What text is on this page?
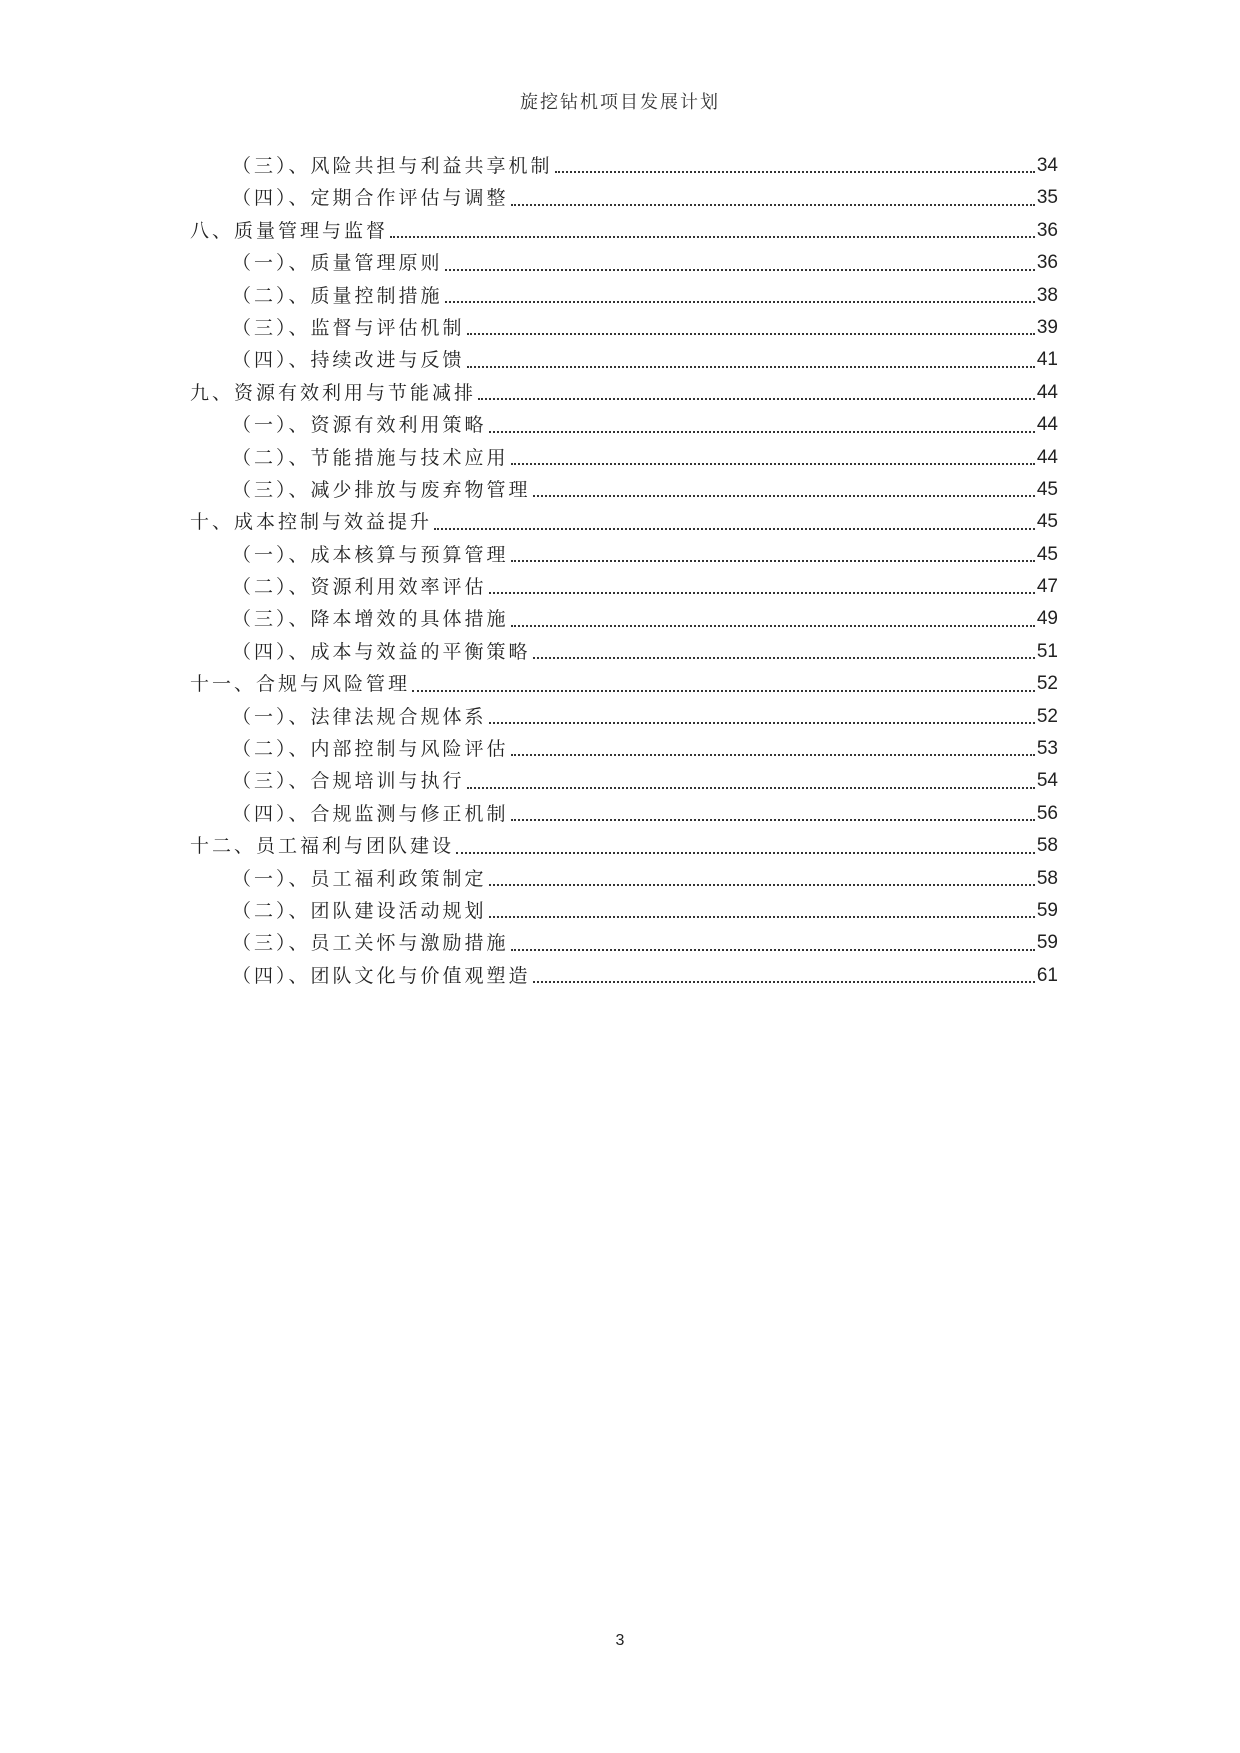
旋挖钻机项目发展计划
（三）、风险共担与利益共享机制	34
（四）、定期合作评估与调整	35
八、质量管理与监督	36
（一）、质量管理原则	36
（二）、质量控制措施	38
（三）、监督与评估机制	39
（四）、持续改进与反馈	41
九、资源有效利用与节能减排	44
（一）、资源有效利用策略	44
（二）、节能措施与技术应用	44
（三）、减少排放与废弃物管理	45
十、成本控制与效益提升	45
（一）、成本核算与预算管理	45
（二）、资源利用效率评估	47
（三）、降本增效的具体措施	49
（四）、成本与效益的平衡策略	51
十一、合规与风险管理	52
（一）、法律法规合规体系	52
（二）、内部控制与风险评估	53
（三）、合规培训与执行	54
（四）、合规监测与修正机制	56
十二、员工福利与团队建设	58
（一）、员工福利政策制定	58
（二）、团队建设活动规划	59
（三）、员工关怀与激励措施	59
（四）、团队文化与价值观塑造	61
3
